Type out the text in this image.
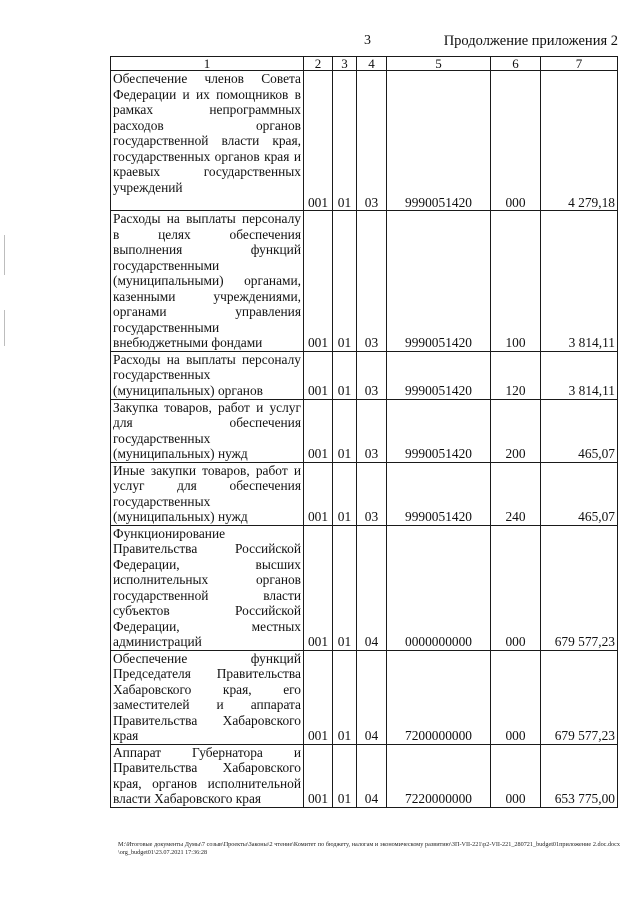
3	Продолжение приложения 2
1	2	3	4	5	6	7
Обеспечение членов Совета Федерации и их помощников в рамках непрограммных расходов органов государственной власти края, государственных органов края и краевых государственных учреждений	001	01	03	9990051420	000	4 279,18
Расходы на выплаты персоналу в целях обеспечения выполнения функций государственными (муниципальными) органами, казенными учреждениями, органами управления государственными внебюджетными фондами	001	01	03	9990051420	100	3 814,11
Расходы на выплаты персоналу государственных (муниципальных) органов	001	01	03	9990051420	120	3 814,11
Закупка товаров, работ и услуг для обеспечения государственных (муниципальных) нужд	001	01	03	9990051420	200	465,07
Иные закупки товаров, работ и услуг для обеспечения государственных (муниципальных) нужд	001	01	03	9990051420	240	465,07
Функционирование Правительства Российской Федерации, высших исполнительных органов государственной власти субъектов Российской Федерации, местных администраций	001	01	04	0000000000	000	679 577,23
Обеспечение функций Председателя Правительства Хабаровского края, его заместителей и аппарата Правительства Хабаровского края	001	01	04	7200000000	000	679 577,23
Аппарат Губернатора и Правительства Хабаровского края, органов исполнительной власти Хабаровского края	001	01	04	7220000000	000	653 775,00
M:\Итоговые документы Думы\7 созыв\Проекты\Законы\2 чтение\Комитет по бюджету, налогам и экономическому развитию\ЗП-VII-221\р2-VII-221_280721_budget01приложение 2.doc.docx\org_budget01\23.07.2021 17:36:28
